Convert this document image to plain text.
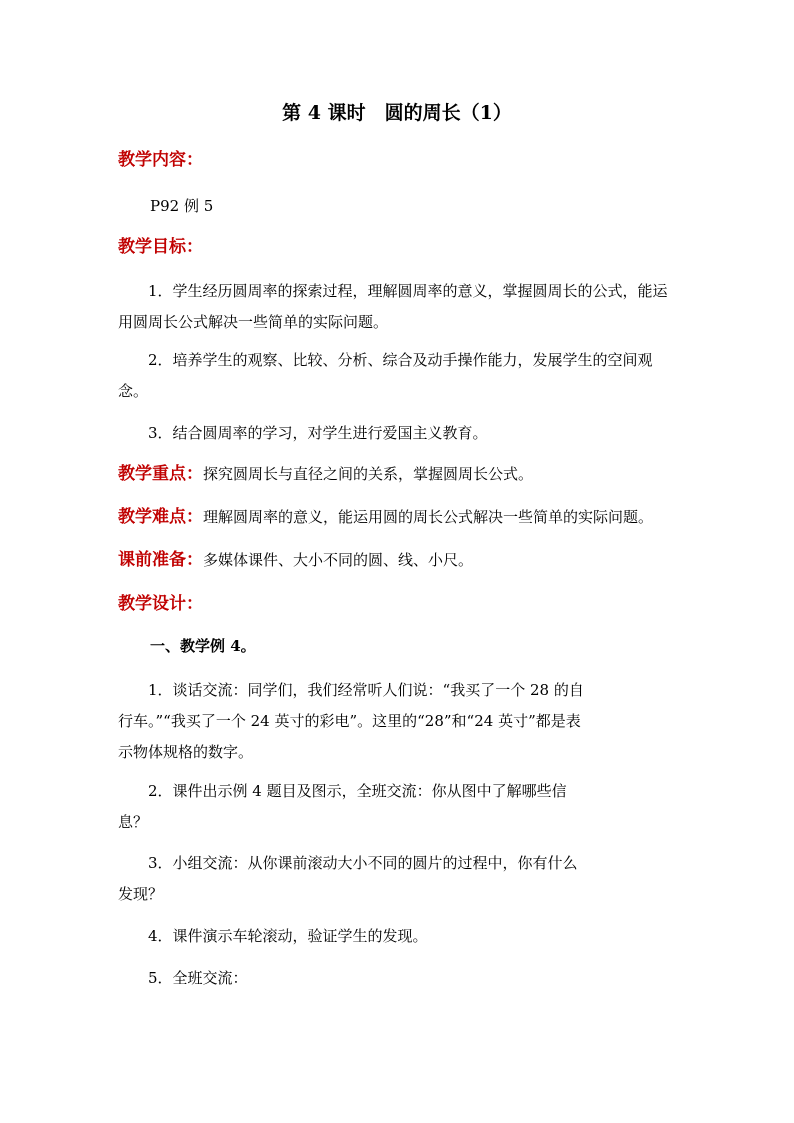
第 4 课时　圆的周长（1）
教学内容：
P92 例 5
教学目标：
1．学生经历圆周率的探索过程，理解圆周率的意义，掌握圆周长的公式，能运用圆周长公式解决一些简单的实际问题。
2．培养学生的观察、比较、分析、综合及动手操作能力，发展学生的空间观念。
3．结合圆周率的学习，对学生进行爱国主义教育。
教学重点：探究圆周长与直径之间的关系，掌握圆周长公式。
教学难点：理解圆周率的意义，能运用圆的周长公式解决一些简单的实际问题。
课前准备：多媒体课件、大小不同的圆、线、小尺。
教学设计：
一、教学例 4。
1．谈话交流：同学们，我们经常听人们说：“我买了一个 28 的自行车。”“我买了一个 24 英寸的彩电”。这里的“28”和“24 英寸”都是表示物体规格的数字。
2．课件出示例 4 题目及图示，全班交流：你从图中了解哪些信息？
3．小组交流：从你课前滚动大小不同的圆片的过程中，你有什么发现？
4．课件演示车轮滚动，验证学生的发现。
5．全班交流：
